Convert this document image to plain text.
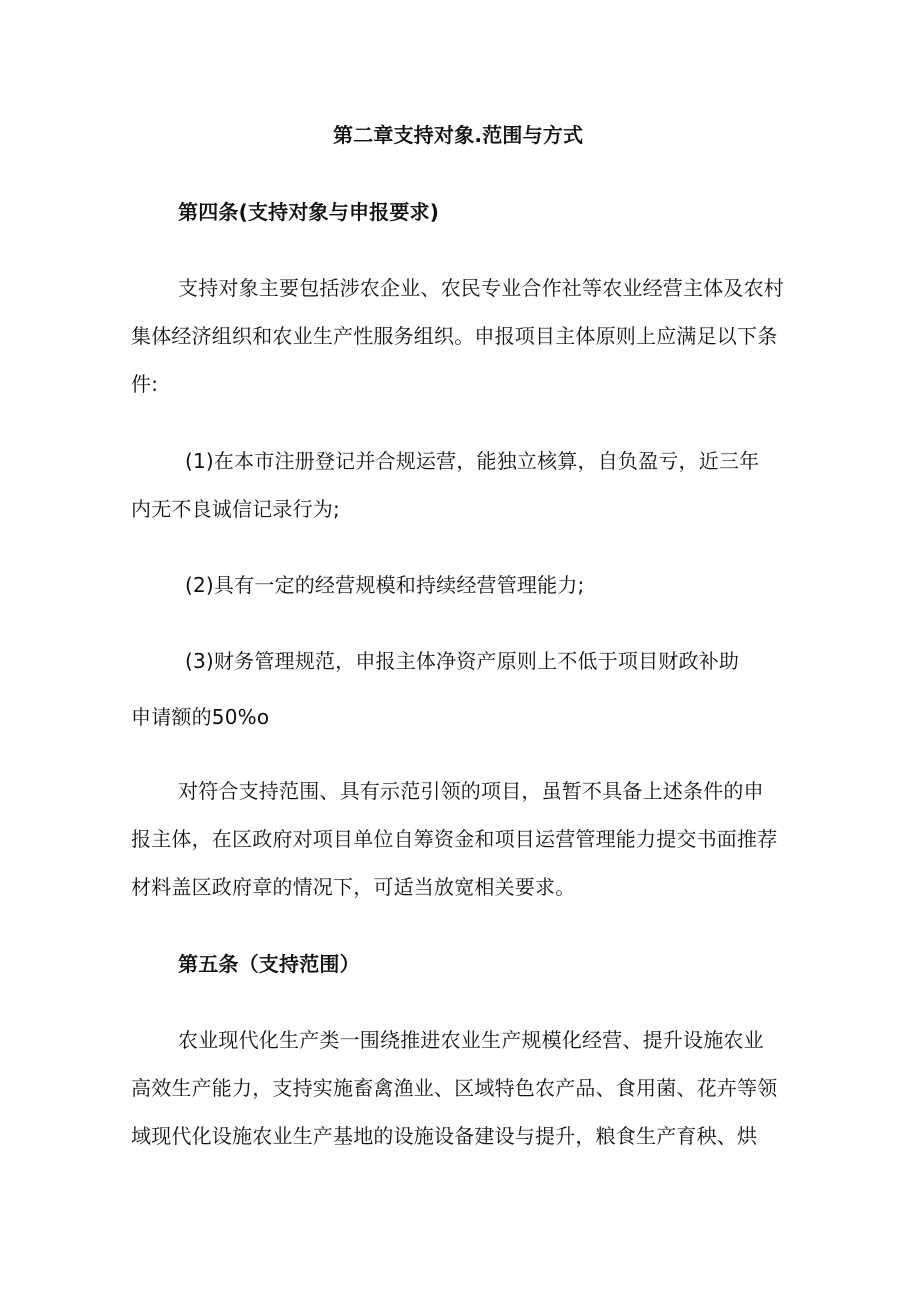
第二章支持对象.范围与方式
第四条(支持对象与申报要求)
支持对象主要包括涉农企业、农民专业合作社等农业经营主体及农村
集体经济组织和农业生产性服务组织。申报项目主体原则上应满足以下条
件:
(1)在本市注册登记并合规运营，能独立核算，自负盈亏，近三年
内无不良诚信记录行为;
(2)具有一定的经营规模和持续经营管理能力;
(3)财务管理规范，申报主体净资产原则上不低于项目财政补助
申请额的50%o
对符合支持范围、具有示范引领的项目，虽暂不具备上述条件的申
报主体，在区政府对项目单位自筹资金和项目运营管理能力提交书面推荐
材料盖区政府章的情况下，可适当放宽相关要求。
第五条（支持范围）
农业现代化生产类一围绕推进农业生产规模化经营、提升设施农业
高效生产能力，支持实施畜禽渔业、区域特色农产品、食用菌、花卉等领
域现代化设施农业生产基地的设施设备建设与提升，粮食生产育秧、烘
